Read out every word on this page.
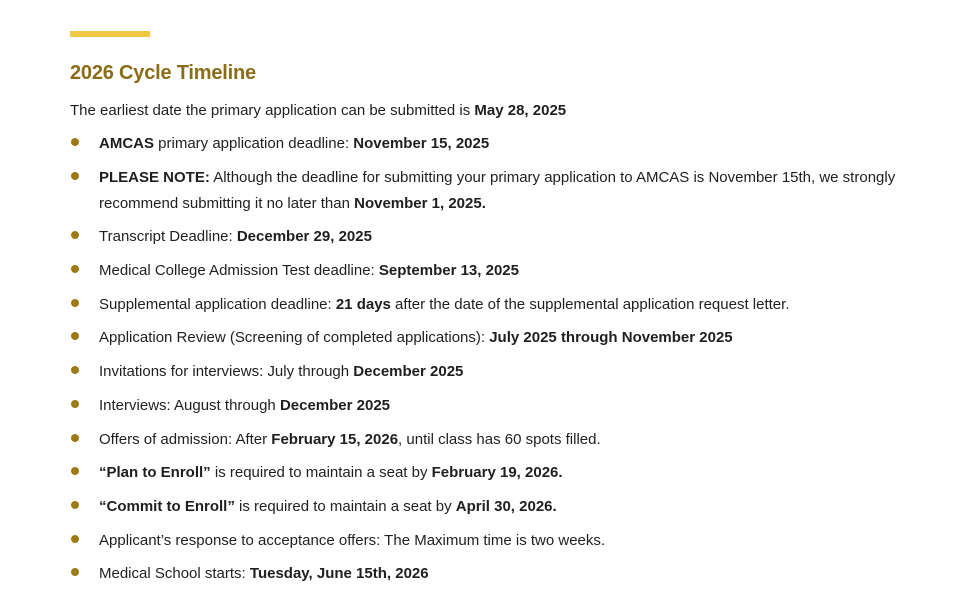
2026 Cycle Timeline

The earliest date the primary application can be submitted is May 28, 2025

AMCAS primary application deadline: November 15, 2025
PLEASE NOTE: Although the deadline for submitting your primary application to AMCAS is November 15th, we strongly recommend submitting it no later than November 1, 2025.
Transcript Deadline: December 29, 2025
Medical College Admission Test deadline: September 13, 2025
Supplemental application deadline: 21 days after the date of the supplemental application request letter.
Application Review (Screening of completed applications): July 2025 through November 2025
Invitations for interviews: July through December 2025
Interviews: August through December 2025
Offers of admission: After February 15, 2026, until class has 60 spots filled.
“Plan to Enroll” is required to maintain a seat by February 19, 2026.
“Commit to Enroll” is required to maintain a seat by April 30, 2026.
Applicant’s response to acceptance offers: The Maximum time is two weeks.
Medical School starts: Tuesday, June 15th, 2026
